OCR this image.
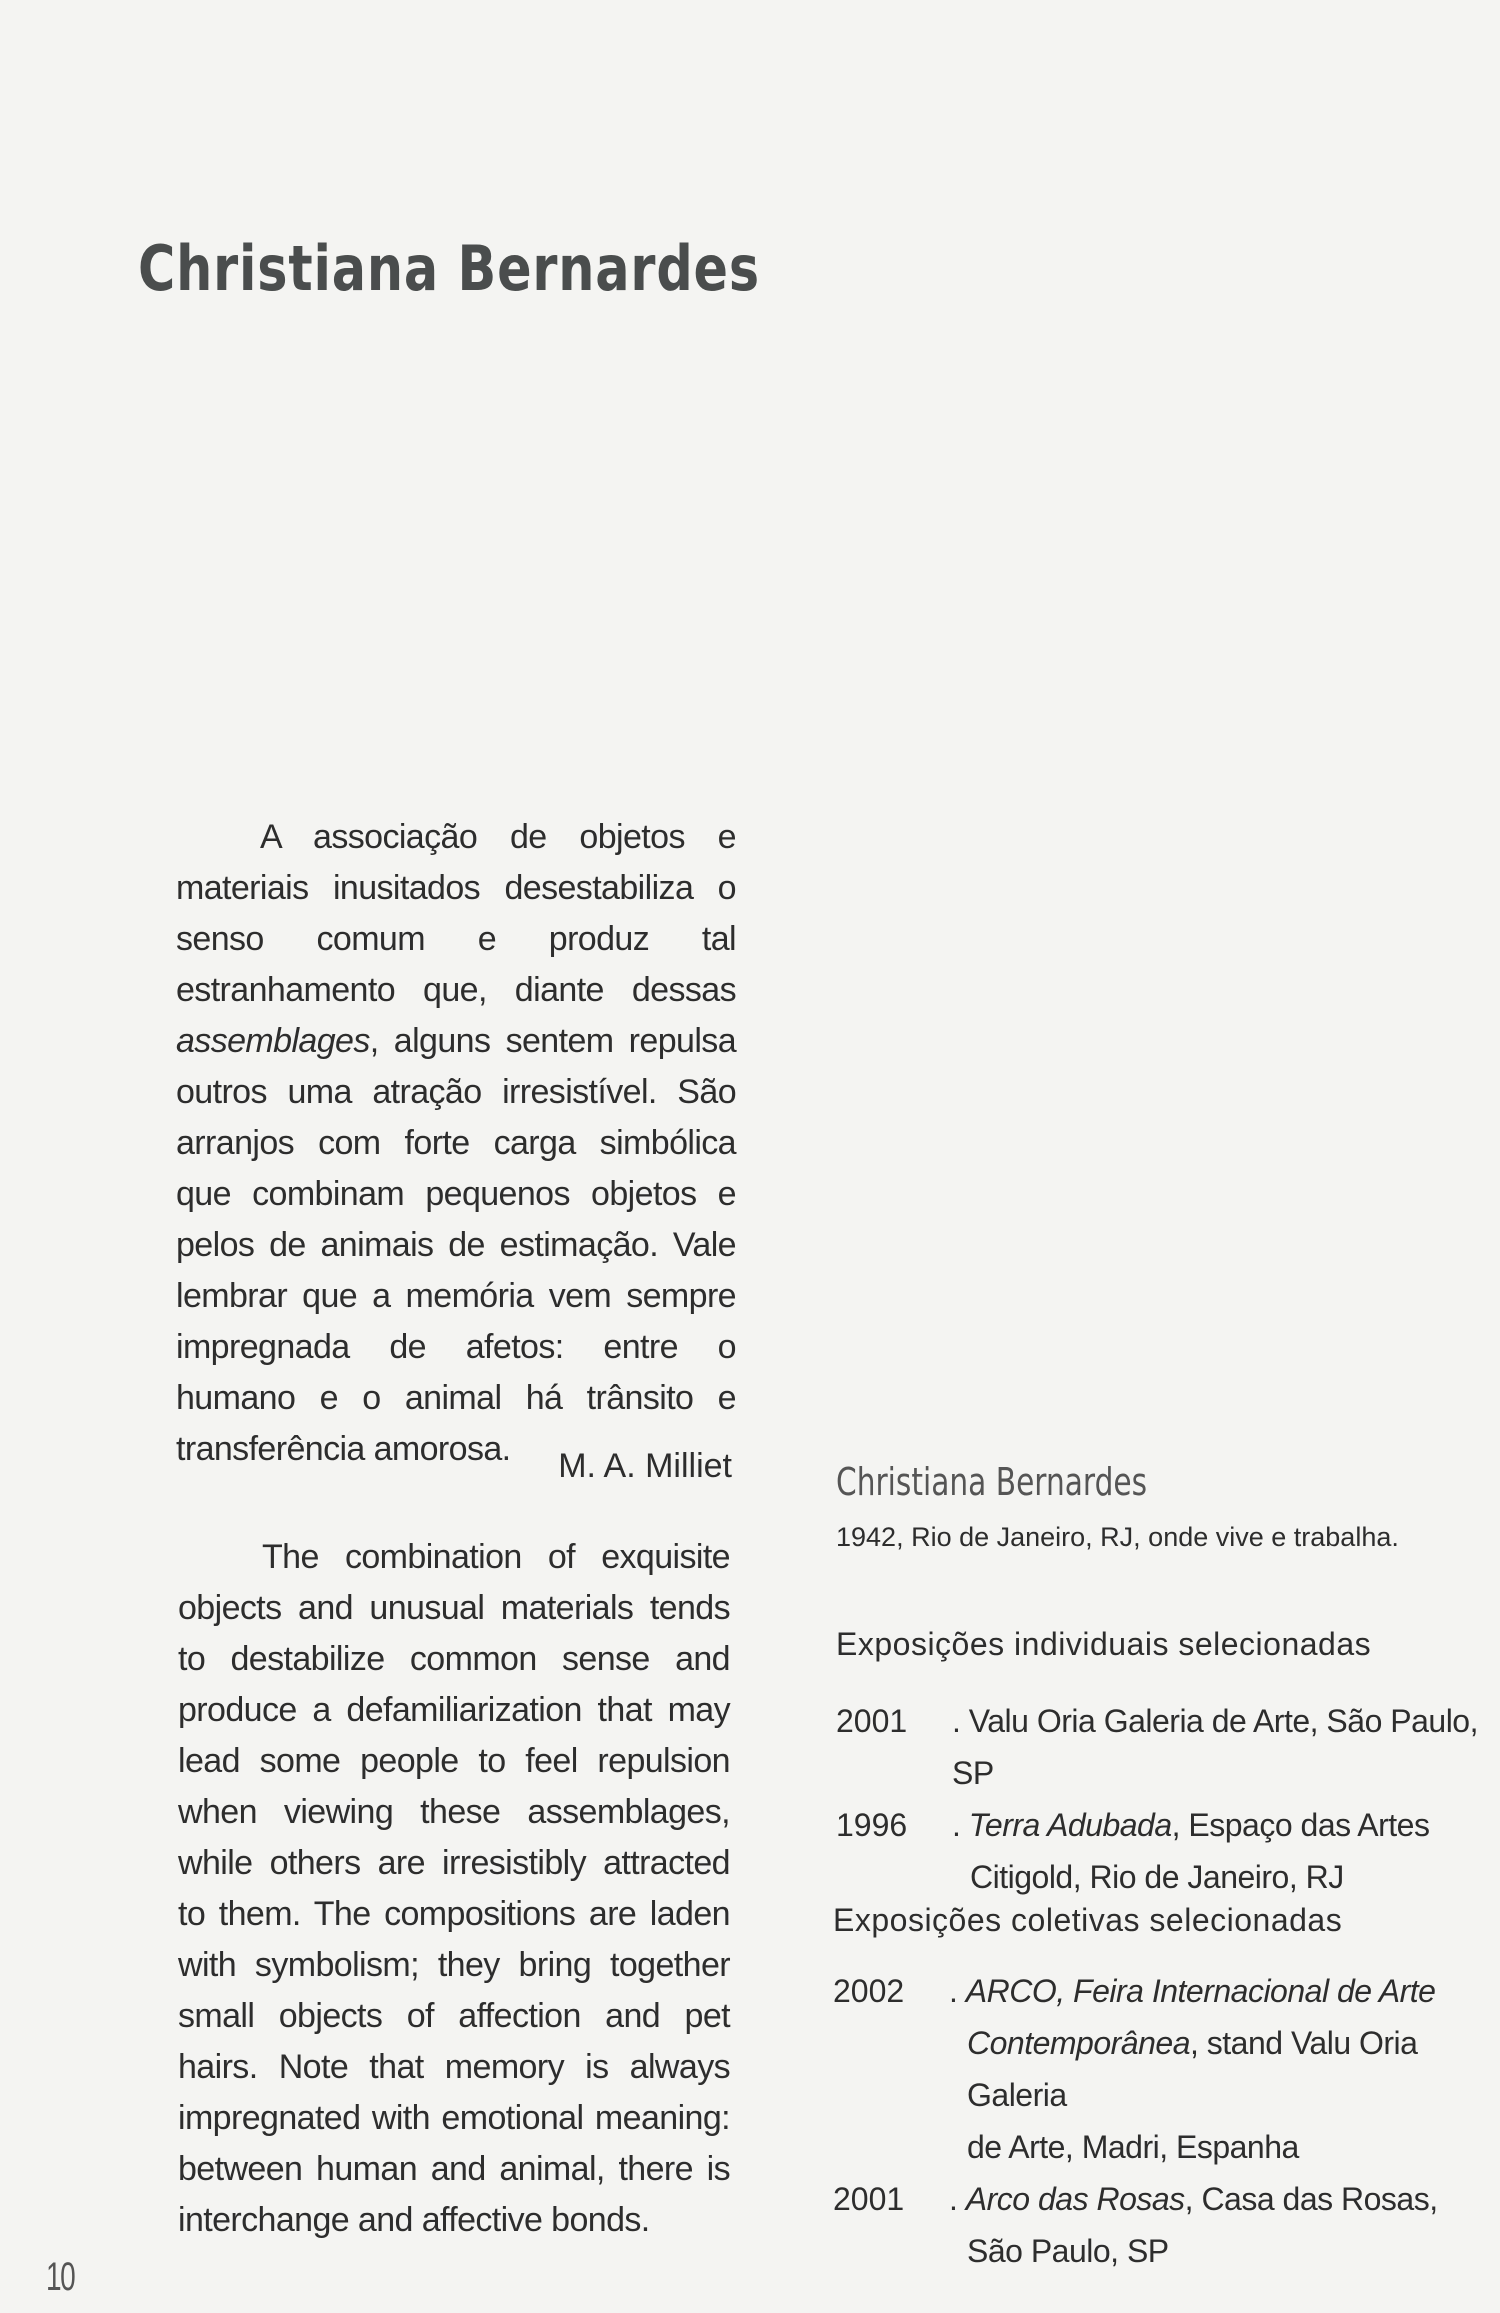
Christiana Bernardes

A associação de objetos e materiais inusitados desestabiliza o senso comum e produz tal estranhamento que, diante dessas assemblages, alguns sentem repulsa outros uma atração irresistível. São arranjos com forte carga simbólica que combinam pequenos objetos e pelos de animais de estimação. Vale lembrar que a memória vem sempre impregnada de afetos: entre o humano e o animal há trânsito e transferência amorosa.	M. A. Milliet

The combination of exquisite objects and unusual materials tends to destabilize common sense and produce a defamiliarization that may lead some people to feel repulsion when viewing these assemblages, while others are irresistibly attracted to them. The compositions are laden with symbolism; they bring together small objects of affection and pet hairs. Note that memory is always impregnated with emotional meaning: between human and animal, there is interchange and affective bonds.

Christiana Bernardes
1942, Rio de Janeiro, RJ, onde vive e trabalha.
Exposições individuais selecionadas
2001	. Valu Oria Galeria de Arte, São Paulo, SP
1996	. Terra Adubada, Espaço das Artes
Citigold, Rio de Janeiro, RJ
Exposições coletivas selecionadas
2002	. ARCO, Feira Internacional de Arte
Contemporânea, stand Valu Oria Galeria
de Arte, Madri, Espanha
2001	. Arco das Rosas, Casa das Rosas,
São Paulo, SP
10
